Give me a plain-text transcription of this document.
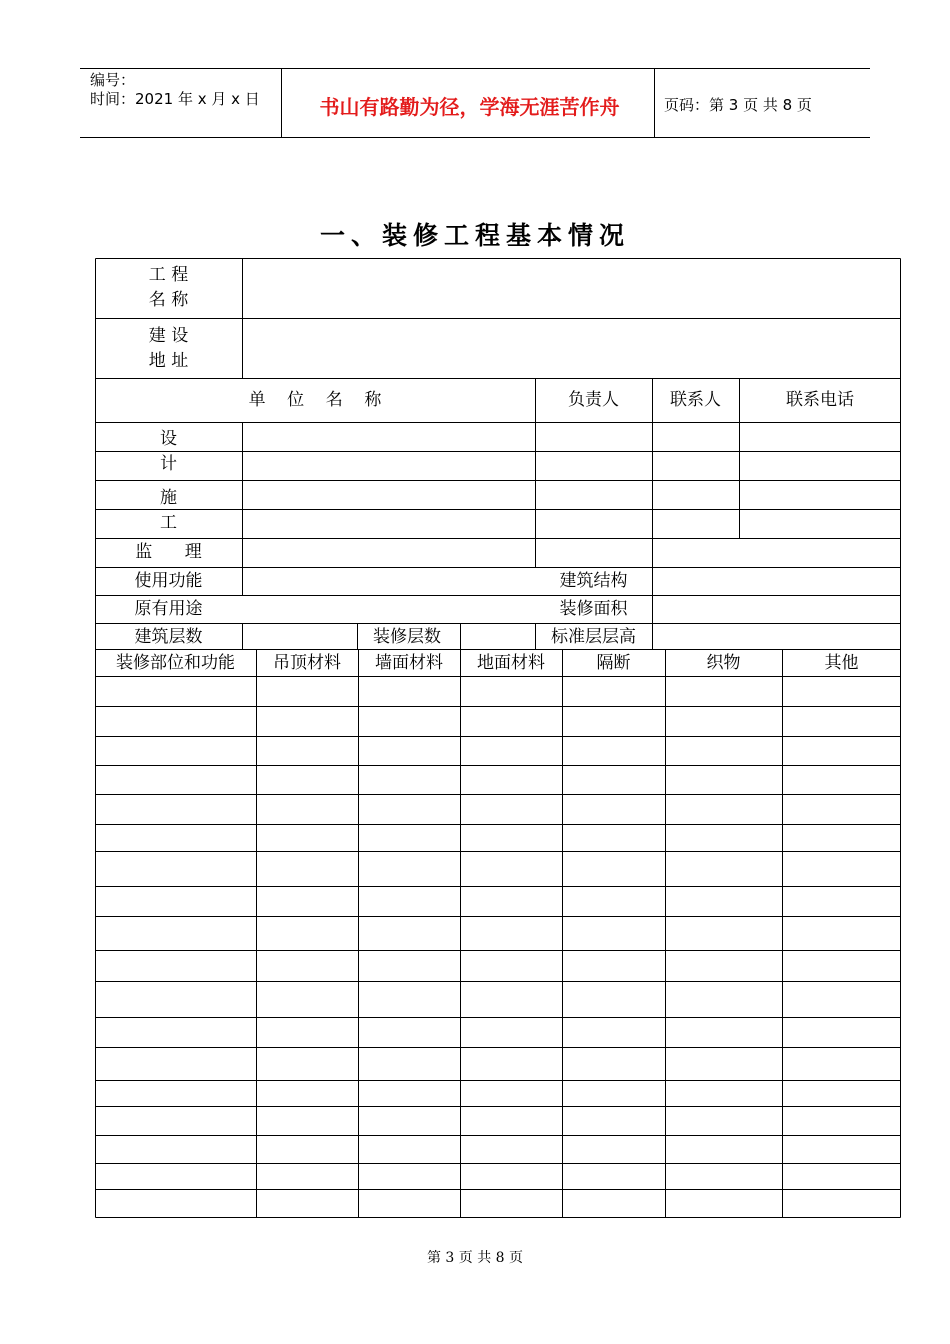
编号：
时间：2021 年 x 月 x 日	书山有路勤为径，学海无涯苦作舟	页码：第 3 页 共 8 页
一、装修工程基本情况
工 程
名 称
建 设
地 址
单    位    名    称	负责人	联系人	联系电话
设
计
施
工
监      理
使用功能	建筑结构
原有用途	装修面积
建筑层数	装修层数	标准层层高
装修部位和功能	吊顶材料	墙面材料	地面材料	隔断	织物	其他
第 3 页 共 8 页
